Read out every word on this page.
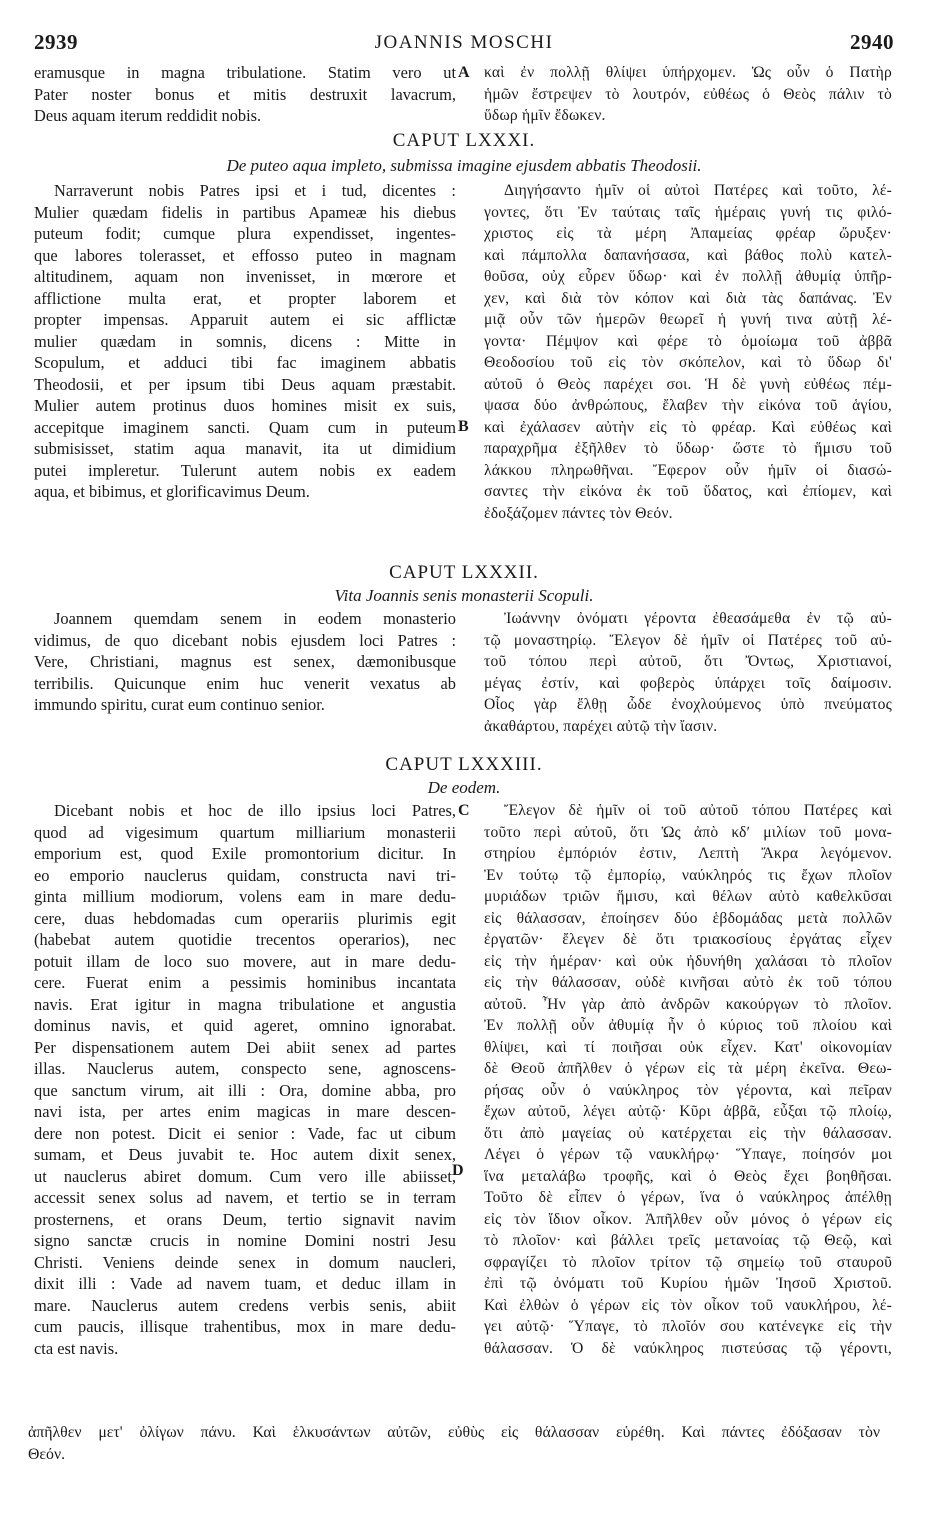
2939	JOANNIS MOSCHI	2940
eramusque in magna tribulatione. Statim vero ut
Pater noster bonus et mitis destruxit lavacrum,
Deus aquam iterum reddidit nobis.
A καὶ ἐν πολλῇ θλίψει ὑπήρχομεν. Ὡς οὖν ὁ Πατὴρ
ἡμῶν ἔστρεψεν τὸ λουτρόν, εὐθέως ὁ Θεὸς πάλιν τὸ
ὕδωρ ἡμῖν ἔδωκεν.
CAPUT LXXXI.
De puteo aqua impleto, submissa imagine ejusdem abbatis Theodosii.
Narraverunt nobis Patres ipsi et i tud, dicentes :
Mulier quædam fidelis in partibus Apameæ his diebus
puteum fodit; cumque plura expendisset, ingentes-
que labores tolerasset, et effosso puteo in magnam
altitudinem, aquam non invenisset, in mœrore et
afflictione multa erat, et propter laborem et
propter impensas. Apparuit autem ei sic afflictæ
mulier quædam in somnis, dicens : Mitte in
Scopulum, et adduci tibi fac imaginem abbatis
Theodosii, et per ipsum tibi Deus aquam præstabit.
Mulier autem protinus duos homines misit ex suis,
accepitque imaginem sancti. Quam cum in puteum
submisisset, statim aqua manavit, ita ut dimidium
putei impleretur. Tulerunt autem nobis ex eadem
aqua, et bibimus, et glorificavimus Deum.
B
Διηγήσαντο ἡμῖν οἱ αὐτοὶ Πατέρες καὶ τοῦτο, λέ-
γοντες, ὅτι Ἐν ταύταις ταῖς ἡμέραις γυνή τις φιλό-
χριστος εἰς τὰ μέρη Ἀπαμείας φρέαρ ὤρυξεν·
καὶ πάμπολλα δαπανήσασα, καὶ βάθος πολὺ κατελ-
θοῦσα, οὐχ εὗρεν ὕδωρ· καὶ ἐν πολλῇ ἀθυμίᾳ ὑπῆρ-
χεν, καὶ διὰ τὸν κόπον καὶ διὰ τὰς δαπάνας. Ἐν
μιᾷ οὖν τῶν ἡμερῶν θεωρεῖ ἡ γυνή τινα αὐτῇ λέ-
γοντα· Πέμψον καὶ φέρε τὸ ὁμοίωμα τοῦ ἀββᾶ
Θεοδοσίου τοῦ εἰς τὸν σκόπελον, καὶ τὸ ὕδωρ δι'
αὐτοῦ ὁ Θεὸς παρέχει σοι. Ἡ δὲ γυνὴ εὐθέως πέμ-
ψασα δύο ἀνθρώπους, ἔλαβεν τὴν εἰκόνα τοῦ ἁγίου,
καὶ ἐχάλασεν αὐτὴν εἰς τὸ φρέαρ. Καὶ εὐθέως καὶ
παραχρῆμα ἐξῆλθεν τὸ ὕδωρ· ὥστε τὸ ἥμισυ τοῦ
λάκκου πληρωθῆναι. Ἔφερον οὖν ἡμῖν οἱ διασώ-
σαντες τὴν εἰκόνα ἐκ τοῦ ὕδατος, καὶ ἐπίομεν, καὶ
ἐδοξάζομεν πάντες τὸν Θεόν.
CAPUT LXXXII.
Vita Joannis senis monasterii Scopuli.
Joannem quemdam senem in eodem monasterio
vidimus, de quo dicebant nobis ejusdem loci Patres :
Vere, Christiani, magnus est senex, dæmonibusque
terribilis. Quicunque enim huc venerit vexatus ab
immundo spiritu, curat eum continuo senior.
Ἰωάννην ὀνόματι γέροντα ἐθεασάμεθα ἐν τῷ αὐ-
τῷ μοναστηρίῳ. Ἔλεγον δὲ ἡμῖν οἱ Πατέρες τοῦ αὐ-
τοῦ τόπου περὶ αὐτοῦ, ὅτι Ὄντως, Χριστιανοί,
μέγας ἐστίν, καὶ φοβερὸς ὑπάρχει τοῖς δαίμοσιν.
Οἷος γὰρ ἔλθῃ ὧδε ἐνοχλούμενος ὑπὸ πνεύματος
ἀκαθάρτου, παρέχει αὐτῷ τὴν ἴασιν.
CAPUT LXXXIII.
De eodem.
Dicebant nobis et hoc de illo ipsius loci Patres,
quod ad vigesimum quartum milliarium monasterii
emporium est, quod Exile promontorium dicitur. In
eo emporio nauclerus quidam, constructa navi tri-
ginta millium modiorum, volens eam in mare dedu-
cere, duas hebdomadas cum operariis plurimis egit
(habebat autem quotidie trecentos operarios), nec
potuit illam de loco suo movere, aut in mare dedu-
cere. Fuerat enim a pessimis hominibus incantata
navis. Erat igitur in magna tribulatione et angustia
dominus navis, et quid ageret, omnino ignorabat.
Per dispensationem autem Dei abiit senex ad partes
illas. Nauclerus autem, conspecto sene, agnoscens-
que sanctum virum, ait illi : Ora, domine abba, pro
navi ista, per artes enim magicas in mare descen-
dere non potest. Dicit ei senior : Vade, fac ut cibum
sumam, et Deus juvabit te. Hoc autem dixit senex,
ut nauclerus abiret domum. Cum vero ille abiisset,
accessit senex solus ad navem, et tertio se in terram
prosternens, et orans Deum, tertio signavit navim
signo sanctæ crucis in nomine Domini nostri Jesu
Christi. Veniens deinde senex in domum naucleri,
dixit illi : Vade ad navem tuam, et deduc illam in
mare. Nauclerus autem credens verbis senis, abiit
cum paucis, illisque trahentibus, mox in mare dedu-
cta est navis.
C
D
Ἔλεγον δὲ ἡμῖν οἱ τοῦ αὐτοῦ τόπου Πατέρες καὶ
τοῦτο περὶ αὐτοῦ, ὅτι Ὡς ἀπὸ κδʹ μιλίων τοῦ μονα-
στηρίου ἐμπόριόν ἐστιν, Λεπτὴ Ἄκρα λεγόμενον.
Ἐν τούτῳ τῷ ἐμπορίῳ, ναύκληρός τις ἔχων πλοῖον
μυριάδων τριῶν ἥμισυ, καὶ θέλων αὐτὸ καθελκῦσαι
εἰς θάλασσαν, ἐποίησεν δύο ἑβδομάδας μετὰ πολλῶν
ἐργατῶν· ἔλεγεν δὲ ὅτι τριακοσίους ἐργάτας εἶχεν
εἰς τὴν ἡμέραν· καὶ οὐκ ἠδυνήθη χαλάσαι τὸ πλοῖον
εἰς τὴν θάλασσαν, οὐδὲ κινῆσαι αὐτὸ ἐκ τοῦ τόπου
αὐτοῦ. Ἦν γὰρ ἀπὸ ἀνδρῶν κακούργων τὸ πλοῖον.
Ἐν πολλῇ οὖν ἀθυμίᾳ ἦν ὁ κύριος τοῦ πλοίου καὶ
θλίψει, καὶ τί ποιῆσαι οὐκ εἶχεν. Κατ' οἰκονομίαν
δὲ Θεοῦ ἀπῆλθεν ὁ γέρων εἰς τὰ μέρη ἐκεῖνα. Θεω-
ρήσας οὖν ὁ ναύκληρος τὸν γέροντα, καὶ πεῖραν
ἔχων αὐτοῦ, λέγει αὐτῷ· Κῦρι ἀββᾶ, εὖξαι τῷ πλοίῳ,
ὅτι ἀπὸ μαγείας οὐ κατέρχεται εἰς τὴν θάλασσαν.
Λέγει ὁ γέρων τῷ ναυκλήρῳ· Ὕπαγε, ποίησόν μοι
ἵνα μεταλάβω τροφῆς, καὶ ὁ Θεὸς ἔχει βοηθῆσαι.
Τοῦτο δὲ εἶπεν ὁ γέρων, ἵνα ὁ ναύκληρος ἀπέλθῃ
εἰς τὸν ἴδιον οἶκον. Ἀπῆλθεν οὖν μόνος ὁ γέρων εἰς
τὸ πλοῖον· καὶ βάλλει τρεῖς μετανοίας τῷ Θεῷ, καὶ
σφραγίζει τὸ πλοῖον τρίτον τῷ σημείῳ τοῦ σταυροῦ
ἐπὶ τῷ ὀνόματι τοῦ Κυρίου ἡμῶν Ἰησοῦ Χριστοῦ.
Καὶ ἐλθὼν ὁ γέρων εἰς τὸν οἶκον τοῦ ναυκλήρου, λέ-
γει αὐτῷ· Ὕπαγε, τὸ πλοῖόν σου κατένεγκε εἰς τὴν
θάλασσαν. Ὁ δὲ ναύκληρος πιστεύσας τῷ γέροντι,
ἀπῆλθεν μετ' ὀλίγων πάνυ. Καὶ ἑλκυσάντων αὐτῶν, εὐθὺς εἰς θάλασσαν εὑρέθη. Καὶ πάντες ἐδόξασαν τὸν
Θεόν.
